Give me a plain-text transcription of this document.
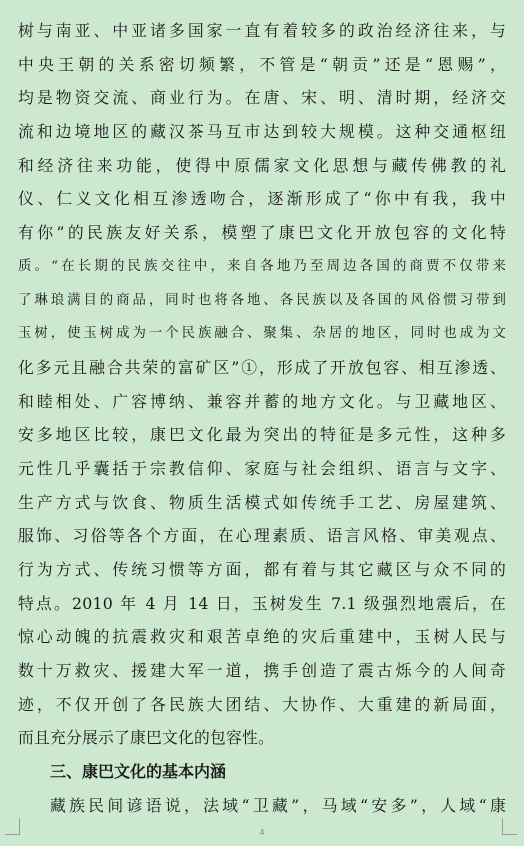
树与南亚、中亚诸多国家一直有着较多的政治经济往来，与
中央王朝的关系密切频繁，不管是“朝贡”还是“恩赐”，
均是物资交流、商业行为。在唐、宋、明、清时期，经济交
流和边境地区的藏汉茶马互市达到较大规模。这种交通枢纽
和经济往来功能，使得中原儒家文化思想与藏传佛教的礼
仪、仁义文化相互渗透吻合，逐渐形成了“你中有我，我中
有你”的民族友好关系，模塑了康巴文化开放包容的文化特
质。“在长期的民族交往中，来自各地乃至周边各国的商贾不仅带来
了琳琅满目的商品，同时也将各地、各民族以及各国的风俗惯习带到
玉树，使玉树成为一个民族融合、聚集、杂居的地区，同时也成为文
化多元且融合共荣的富矿区”①，形成了开放包容、相互渗透、
和睦相处、广容博纳、兼容并蓄的地方文化。与卫藏地区、
安多地区比较，康巴文化最为突出的特征是多元性，这种多
元性几乎囊括于宗教信仰、家庭与社会组织、语言与文字、
生产方式与饮食、物质生活模式如传统手工艺、房屋建筑、
服饰、习俗等各个方面，在心理素质、语言风格、审美观点、
行为方式、传统习惯等方面，都有着与其它藏区与众不同的
特点。2010 年 4 月 14 日，玉树发生 7.1 级强烈地震后，在
惊心动魄的抗震救灾和艰苦卓绝的灾后重建中，玉树人民与
数十万救灾、援建大军一道，携手创造了震古烁今的人间奇
迹，不仅开创了各民族大团结、大协作、大重建的新局面，
而且充分展示了康巴文化的包容性。
三、康巴文化的基本内涵
藏族民间谚语说，法域“卫藏”，马域“安多”，人域“康
4
